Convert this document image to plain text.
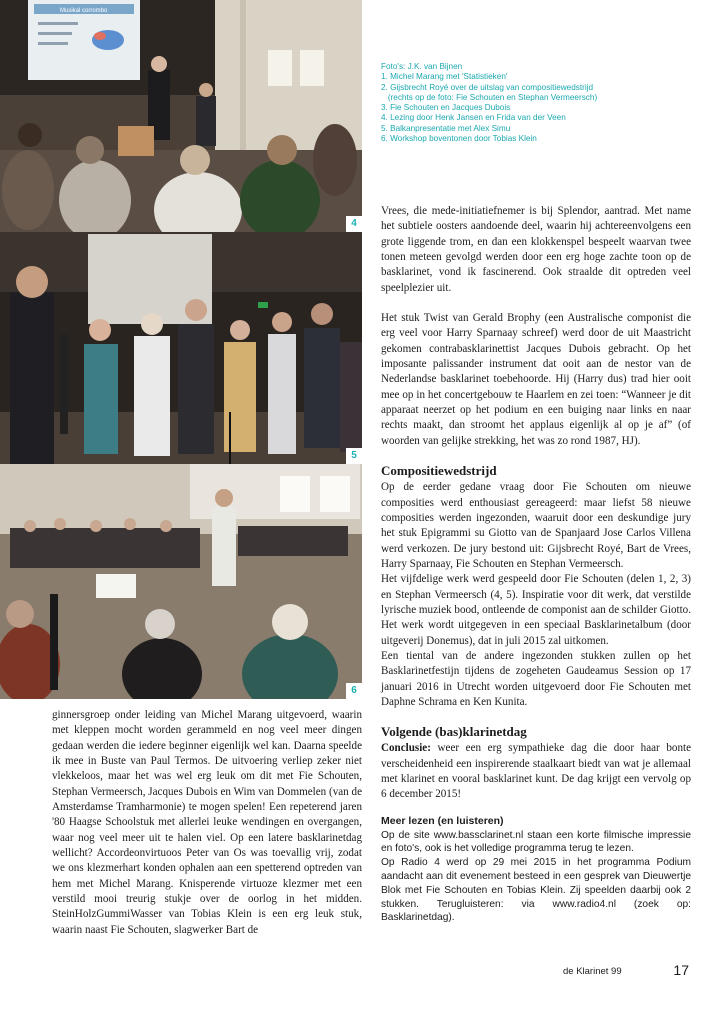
Musikal corrombo
4
5
6
Foto's: J.K. van Bijnen
1. Michel Marang met 'Statistieken'
2. Gijsbrecht Royé over de uitslag van compositiewedstrijd
(rechts op de foto: Fie Schouten en Stephan Vermeersch)
3. Fie Schouten en Jacques Dubois
4. Lezing door Henk Jansen en Frida van der Veen
5. Balkanpresentatie met Alex Simu
6. Workshop boventonen door Tobias Klein

ginnersgroep onder leiding van Michel Marang uitgevoerd, waarin met kleppen mocht worden gerammeld en nog veel meer dingen gedaan werden die iedere beginner eigenlijk wel kan. Daarna speelde ik mee in Buste van Paul Termos. De uitvoering verliep zeker niet vlekkeloos, maar het was wel erg leuk om dit met Fie Schouten, Stephan Vermeersch, Jacques Dubois en Wim van Dommelen (van de Amsterdamse Tramharmonie) te mogen spelen! Een repeterend jaren '80 Haagse Schoolstuk met allerlei leuke wendingen en overgangen, waar nog veel meer uit te halen viel. Op een latere basklarinetdag wellicht? Accordeonvirtuoos Peter van Os was toevallig vrij, zodat we ons klezmerhart konden ophalen aan een spetterend optreden van hem met Michel Marang. Knisperende virtuoze klezmer met een verstild mooi treurig stukje over de oorlog in het midden. SteinHolzGummiWasser van Tobias Klein is een erg leuk stuk, waarin naast Fie Schouten, slagwerker Bart de

Vrees, die mede-initiatiefnemer is bij Splendor, aantrad. Met name het subtiele oosters aandoende deel, waarin hij achtereenvolgens een grote liggende trom, en dan een klokkenspel bespeelt waarvan twee tonen meteen gevolgd werden door een erg hoge zachte toon op de basklarinet, vond ik fascinerend. Ook straalde dit optreden veel speelplezier uit.

Het stuk Twist van Gerald Brophy (een Australische componist die erg veel voor Harry Sparnaay schreef) werd door de uit Maastricht gekomen contrabasklarinettist Jacques Dubois gebracht. Op het imposante palissander instrument dat ooit aan de nestor van de Nederlandse basklarinet toebehoorde. Hij (Harry dus) trad hier ooit mee op in het concertgebouw te Haarlem en zei toen: “Wanneer je dit apparaat neerzet op het podium en een buiging naar links en naar rechts maakt, dan stroomt het applaus eigenlijk al op je af” (of woorden van gelijke strekking, het was zo rond 1987, HJ).

Compositiewedstrijd

Op de eerder gedane vraag door Fie Schouten om nieuwe composities werd enthousiast gereageerd: maar liefst 58 nieuwe composities werden ingezonden, waaruit door een deskundige jury het stuk Epigrammi su Giotto van de Spanjaard Jose Carlos Villena werd verkozen. De jury bestond uit: Gijsbrecht Royé, Bart de Vrees, Harry Sparnaay, Fie Schouten en Stephan Vermeersch.

Het vijfdelige werk werd gespeeld door Fie Schouten (delen 1, 2, 3) en Stephan Vermeersch (4, 5). Inspiratie voor dit werk, dat verstilde lyrische muziek bood, ontleende de componist aan de schilder Giotto. Het werk wordt uitgegeven in een speciaal Basklarinetalbum (door uitgeverij Donemus), dat in juli 2015 zal uitkomen.

Een tiental van de andere ingezonden stukken zullen op het Basklarinetfestijn tijdens de zogeheten Gaudeamus Session op 17 januari 2016 in Utrecht worden uitgevoerd door Fie Schouten met Daphne Schrama en Ken Kunita.

Volgende (bas)klarinetdag

Conclusie: weer een erg sympathieke dag die door haar bonte verscheidenheid een inspirerende staalkaart biedt van wat je allemaal met klarinet en vooral basklarinet kunt. De dag krijgt een vervolg op 6 december 2015!

Meer lezen (en luisteren)

Op de site www.bassclarinet.nl staan een korte filmische impressie en foto's, ook is het volledige programma terug te lezen.

Op Radio 4 werd op 29 mei 2015 in het programma Podium aandacht aan dit evenement besteed in een gesprek van Dieuwertje Blok met Fie Schouten en Tobias Klein. Zij speelden daarbij ook 2 stukken. Terugluisteren: via www.radio4.nl (zoek op: Basklarinetdag).

de Klarinet 99	17
